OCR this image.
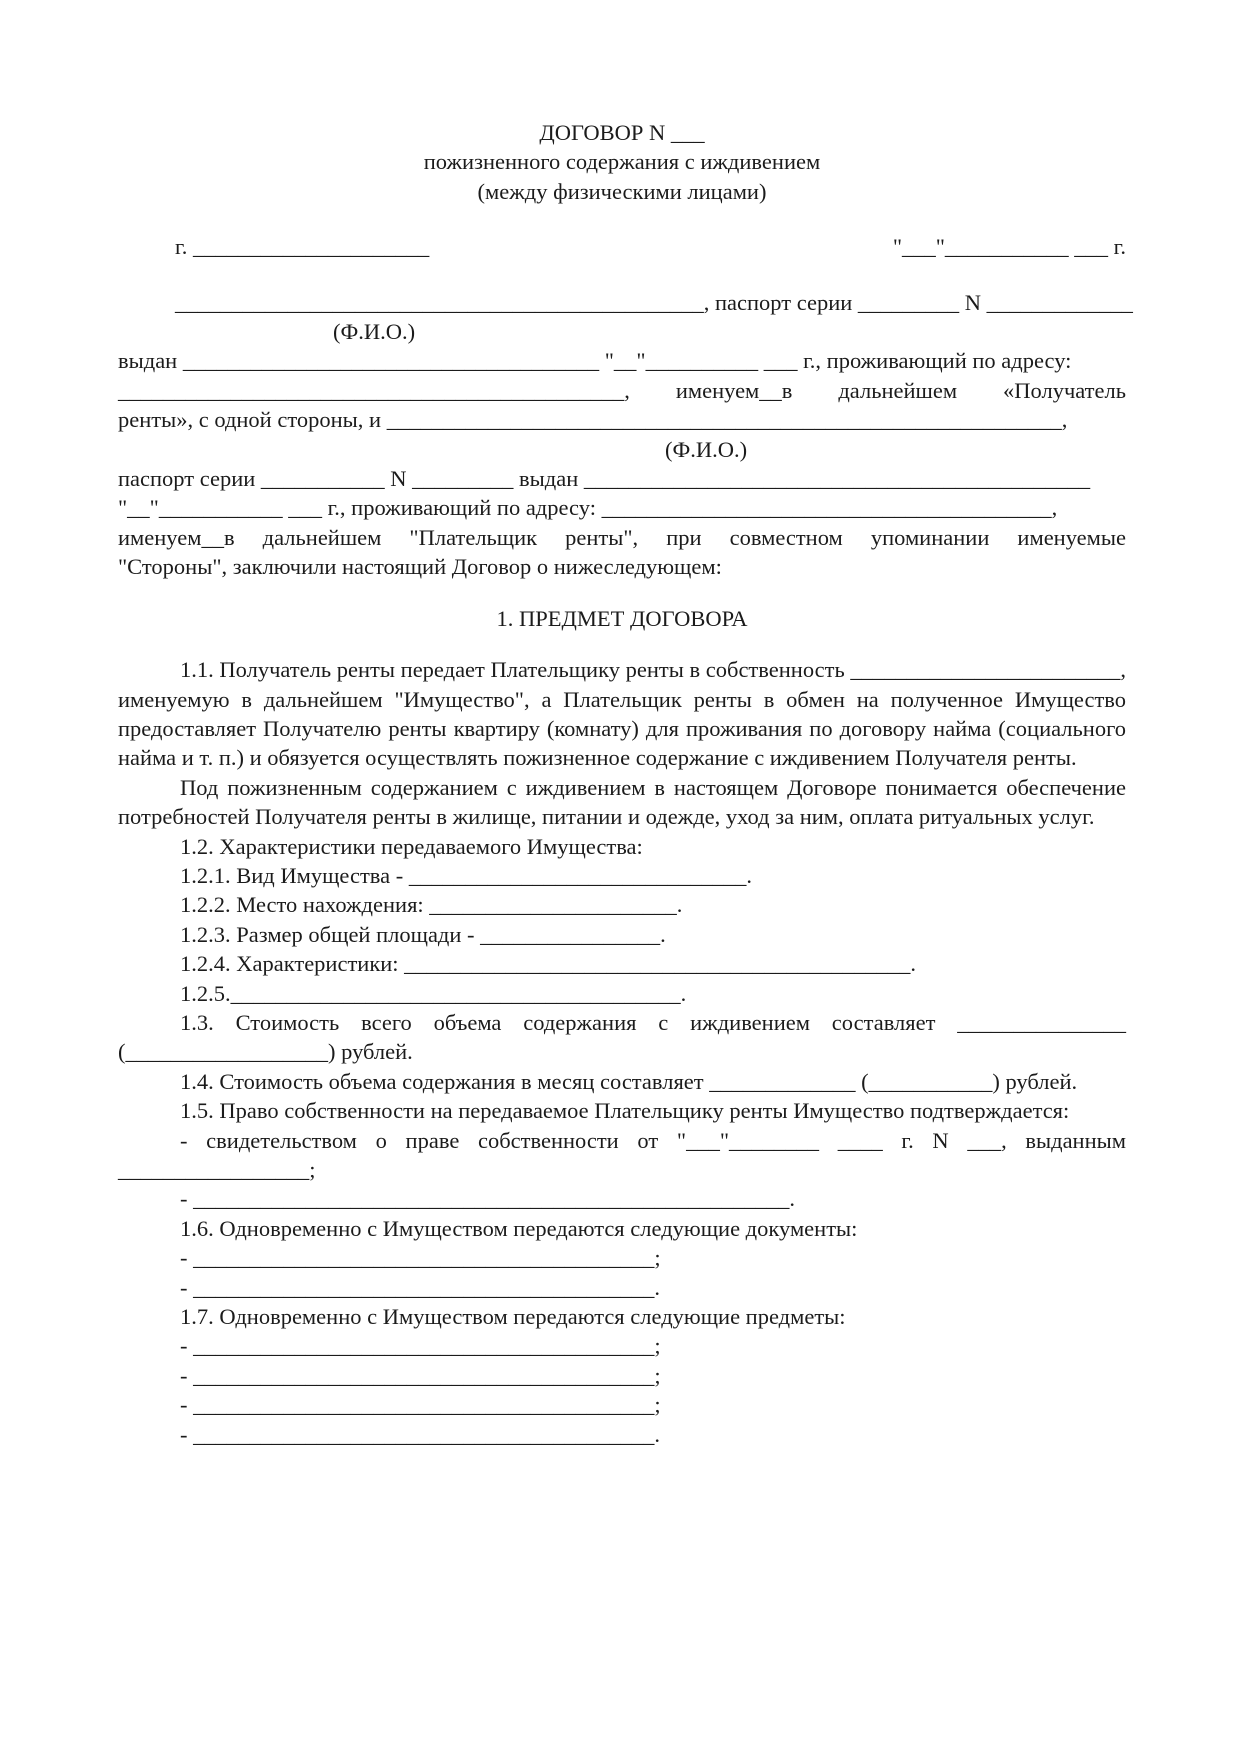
ДОГОВОР N ___

пожизненного содержания с иждивением

(между физическими лицами)

г. _____________________	"___"___________ ___ г.

_______________________________________________, паспорт серии _________ N _____________

(Ф.И.О.)

выдан _____________________________________ "__"__________ ___ г., проживающий по адресу:

_____________________________________________, именуем__в дальнейшем «Получатель

ренты», с одной стороны, и ____________________________________________________________,

(Ф.И.О.)

паспорт серии ___________ N _________ выдан _____________________________________________

"__"___________ ___ г., проживающий по адресу: ________________________________________,

именуем__в дальнейшем "Плательщик ренты", при совместном упоминании именуемые

"Стороны", заключили настоящий Договор о нижеследующем:

1. ПРЕДМЕТ ДОГОВОРА

1.1. Получатель ренты передает Плательщику ренты в собственность ________________________, именуемую в дальнейшем "Имущество", а Плательщик ренты в обмен на полученное Имущество предоставляет Получателю ренты квартиру (комнату) для проживания по договору найма (социального найма и т. п.) и обязуется осуществлять пожизненное содержание с иждивением Получателя ренты.

Под пожизненным содержанием с иждивением в настоящем Договоре понимается обеспечение потребностей Получателя ренты в жилище, питании и одежде, уход за ним, оплата ритуальных услуг.

1.2. Характеристики передаваемого Имущества:

1.2.1. Вид Имущества - ______________________________.

1.2.2. Место нахождения: ______________________.

1.2.3. Размер общей площади - ________________.

1.2.4. Характеристики: _____________________________________________.

1.2.5.________________________________________.

1.3. Стоимость всего объема содержания с иждивением составляет _______________ (__________________) рублей.

1.4. Стоимость объема содержания в месяц составляет _____________ (___________) рублей.

1.5. Право собственности на передаваемое Плательщику ренты Имущество подтверждается:

- свидетельством о праве собственности от "___"________ ____ г. N ___, выданным _________________;

- _____________________________________________________.

1.6. Одновременно с Имуществом передаются следующие документы:

- _________________________________________;

- _________________________________________.

1.7. Одновременно с Имуществом передаются следующие предметы:

- _________________________________________;

- _________________________________________;

- _________________________________________;

- _________________________________________.
